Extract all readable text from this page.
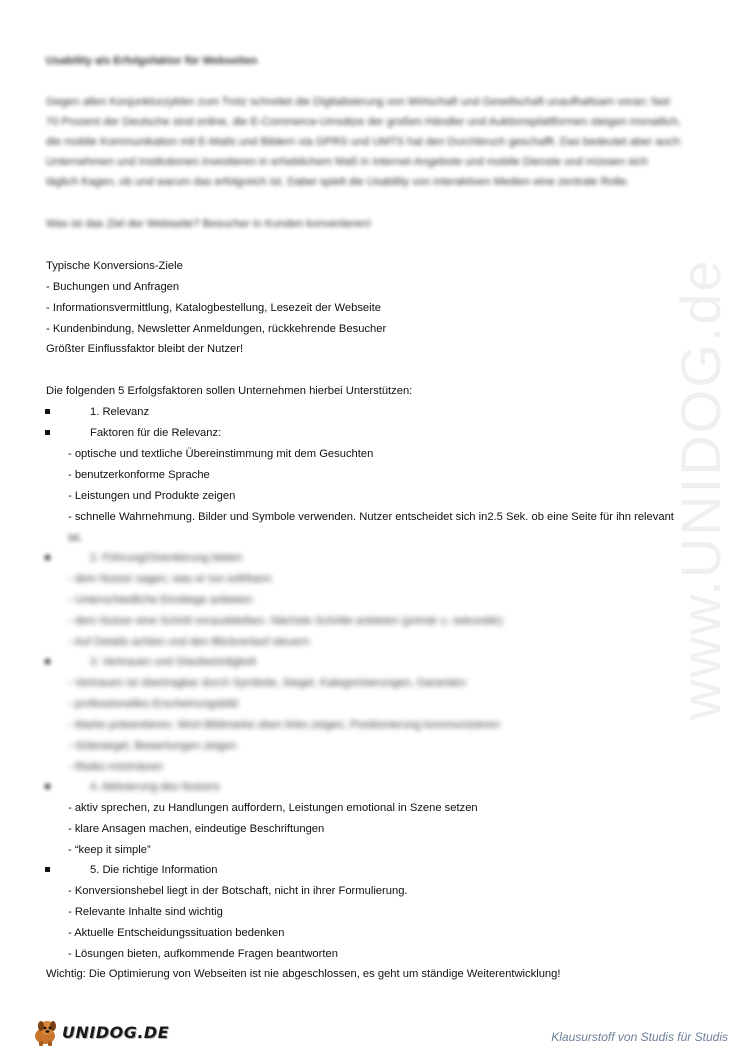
www.UNIDOG.de
Usability als Erfolgsfaktor für Webseiten
Gegen allen Konjunkturzyklen zum Trotz schreitet die Digitalisierung von Wirtschaft und Gesellschaft unaufhaltsam voran: fast
70 Prozent der Deutsche sind online, die E-Commerce-Umsätze der großen Händler und Auktionsplattformen steigen monatlich,
die mobile Kommunikation mit E-Mails und Bildern via GPRS und UMTS hat den Durchbruch geschafft. Das bedeutet aber auch:
Unternehmen und Institutionen investieren in erheblichem Maß in Internet-Angebote und mobile Dienste und müssen sich
täglich fragen, ob und warum das erfolgreich ist. Dabei spielt die Usability von interaktiven Medien eine zentrale Rolle.
Was ist das Ziel der Webseite? Besucher in Kunden konvertieren!
Typische Konversions-Ziele
- Buchungen und Anfragen
- Informationsvermittlung, Katalogbestellung, Lesezeit der Webseite
- Kundenbindung, Newsletter Anmeldungen, rückkehrende Besucher
Größter Einflussfaktor bleibt der Nutzer!
Die folgenden 5 Erfolgsfaktoren sollen Unternehmen hierbei Unterstützen:
1. Relevanz
Faktoren für die Relevanz:
- optische und textliche Übereinstimmung mit dem Gesuchten
- benutzerkonforme Sprache
- Leistungen und Produkte zeigen
- schnelle Wahrnehmung. Bilder und Symbole verwenden. Nutzer entscheidet sich in2.5 Sek. ob eine Seite für ihn relevant
ist.
2. Führung/Orientierung bieten
- dem Nutzer sagen, was er tun soll/kann
- Unterschiedliche Einstiege anbieten
- dem Nutzer eine Schritt vorausbleiben. Nächste Schritte anbieten (primär u. sekundär)
- Auf Details achten und den Blickverlauf steuern
3. Vertrauen und Glaubwürdigkeit
- Vertrauen ist übertragbar durch Symbole, Siegel, Kategorisierungen, Garantien
- professionelles Erscheinungsbild
- Marke präsentieren. Wort-Bildmarke oben links zeigen, Positionierung kommunizieren
- Gütesiegel, Bewertungen zeigen
- Risiko minimieren
4. Aktivierung des Nutzers
- aktiv sprechen, zu Handlungen auffordern, Leistungen emotional in Szene setzen
- klare Ansagen machen, eindeutige Beschriftungen
- “keep it simple”
5. Die richtige Information
- Konversionshebel liegt in der Botschaft, nicht in ihrer Formulierung.
- Relevante Inhalte sind wichtig
- Aktuelle Entscheidungssituation bedenken
- Lösungen bieten, aufkommende Fragen beantworten
Wichtig: Die Optimierung von Webseiten ist nie abgeschlossen, es geht um ständige Weiterentwicklung!
UNIDOG.DE	Klausurstoff von Studis für Studis
